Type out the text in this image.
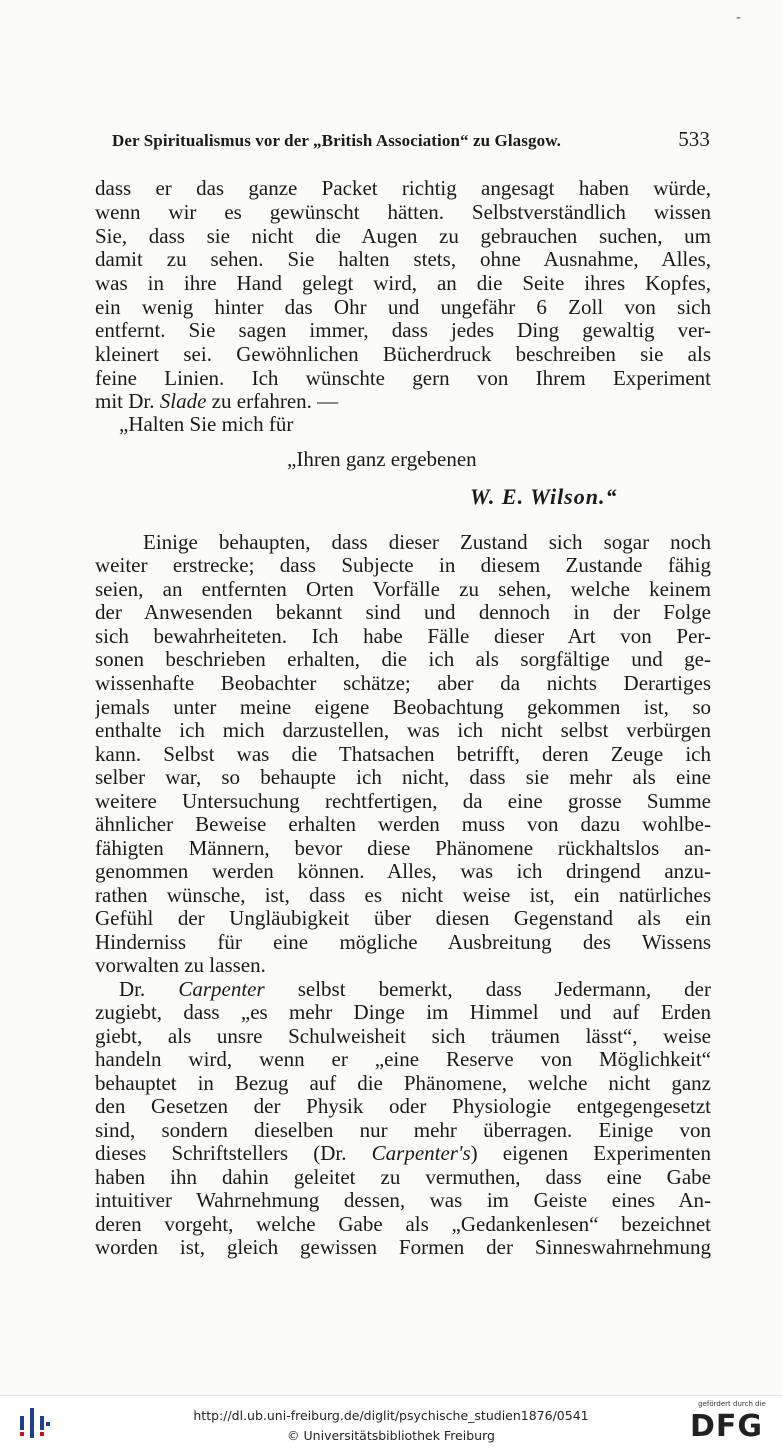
-
Der Spiritualismus vor der „British Association“ zu Glasgow.	533
dass er das ganze Packet richtig angesagt haben würde,
wenn wir es gewünscht hätten. Selbstverständlich wissen
Sie, dass sie nicht die Augen zu gebrauchen suchen, um
damit zu sehen. Sie halten stets, ohne Ausnahme, Alles,
was in ihre Hand gelegt wird, an die Seite ihres Kopfes,
ein wenig hinter das Ohr und ungefähr 6 Zoll von sich
entfernt. Sie sagen immer, dass jedes Ding gewaltig ver-
kleinert sei. Gewöhnlichen Bücherdruck beschreiben sie als
feine Linien. Ich wünschte gern von Ihrem Experiment
mit Dr. Slade zu erfahren. —
„Halten Sie mich für
„Ihren ganz ergebenen
W. E. Wilson.“
Einige behaupten, dass dieser Zustand sich sogar noch
weiter erstrecke; dass Subjecte in diesem Zustande fähig
seien, an entfernten Orten Vorfälle zu sehen, welche keinem
der Anwesenden bekannt sind und dennoch in der Folge
sich bewahrheiteten. Ich habe Fälle dieser Art von Per-
sonen beschrieben erhalten, die ich als sorgfältige und ge-
wissenhafte Beobachter schätze; aber da nichts Derartiges
jemals unter meine eigene Beobachtung gekommen ist, so
enthalte ich mich darzustellen, was ich nicht selbst verbürgen
kann. Selbst was die Thatsachen betrifft, deren Zeuge ich
selber war, so behaupte ich nicht, dass sie mehr als eine
weitere Untersuchung rechtfertigen, da eine grosse Summe
ähnlicher Beweise erhalten werden muss von dazu wohlbe-
fähigten Männern, bevor diese Phänomene rückhaltslos an-
genommen werden können. Alles, was ich dringend anzu-
rathen wünsche, ist, dass es nicht weise ist, ein natürliches
Gefühl der Ungläubigkeit über diesen Gegenstand als ein
Hinderniss für eine mögliche Ausbreitung des Wissens
vorwalten zu lassen.
Dr. Carpenter selbst bemerkt, dass Jedermann, der
zugiebt, dass „es mehr Dinge im Himmel und auf Erden
giebt, als unsre Schulweisheit sich träumen lässt“, weise
handeln wird, wenn er „eine Reserve von Möglichkeit“
behauptet in Bezug auf die Phänomene, welche nicht ganz
den Gesetzen der Physik oder Physiologie entgegengesetzt
sind, sondern dieselben nur mehr überragen. Einige von
dieses Schriftstellers (Dr. Carpenter's) eigenen Experimenten
haben ihn dahin geleitet zu vermuthen, dass eine Gabe
intuitiver Wahrnehmung dessen, was im Geiste eines An-
deren vorgeht, welche Gabe als „Gedankenlesen“ bezeichnet
worden ist, gleich gewissen Formen der Sinneswahrnehmung
http://dl.ub.uni-freiburg.de/diglit/psychische_studien1876/0541
© Universitätsbibliothek Freiburg
gefördert durch die
DFG
